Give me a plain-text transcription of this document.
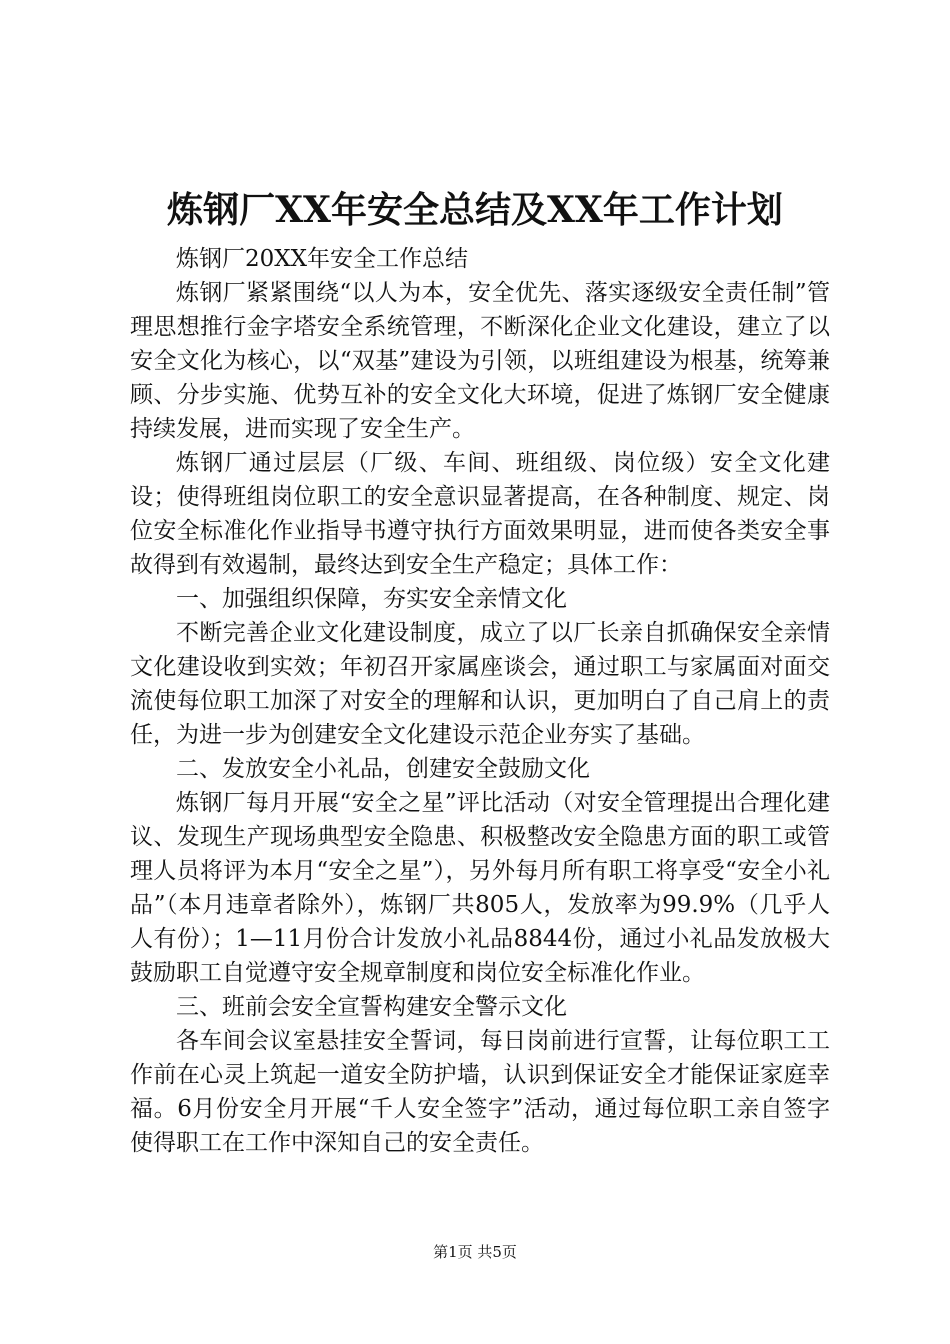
炼钢厂XX年安全总结及XX年工作计划

炼钢厂20XX年安全工作总结

炼钢厂紧紧围绕“以人为本，安全优先、落实逐级安全责任制”管理思想推行金字塔安全系统管理，不断深化企业文化建设，建立了以安全文化为核心，以“双基”建设为引领，以班组建设为根基，统筹兼顾、分步实施、优势互补的安全文化大环境，促进了炼钢厂安全健康持续发展，进而实现了安全生产。

炼钢厂通过层层（厂级、车间、班组级、岗位级）安全文化建设；使得班组岗位职工的安全意识显著提高，在各种制度、规定、岗位安全标准化作业指导书遵守执行方面效果明显，进而使各类安全事故得到有效遏制，最终达到安全生产稳定；具体工作：

一、加强组织保障，夯实安全亲情文化

不断完善企业文化建设制度，成立了以厂长亲自抓确保安全亲情文化建设收到实效；年初召开家属座谈会，通过职工与家属面对面交流使每位职工加深了对安全的理解和认识，更加明白了自己肩上的责任，为进一步为创建安全文化建设示范企业夯实了基础。

二、发放安全小礼品，创建安全鼓励文化

炼钢厂每月开展“安全之星”评比活动（对安全管理提出合理化建议、发现生产现场典型安全隐患、积极整改安全隐患方面的职工或管理人员将评为本月“安全之星”），另外每月所有职工将享受“安全小礼品”（本月违章者除外），炼钢厂共805人，发放率为99.9%（几乎人人有份）；1—11月份合计发放小礼品8844份，通过小礼品发放极大鼓励职工自觉遵守安全规章制度和岗位安全标准化作业。

三、班前会安全宣誓构建安全警示文化

各车间会议室悬挂安全誓词，每日岗前进行宣誓，让每位职工工作前在心灵上筑起一道安全防护墙，认识到保证安全才能保证家庭幸福。6月份安全月开展“千人安全签字”活动，通过每位职工亲自签字使得职工在工作中深知自己的安全责任。

第1页 共5页
